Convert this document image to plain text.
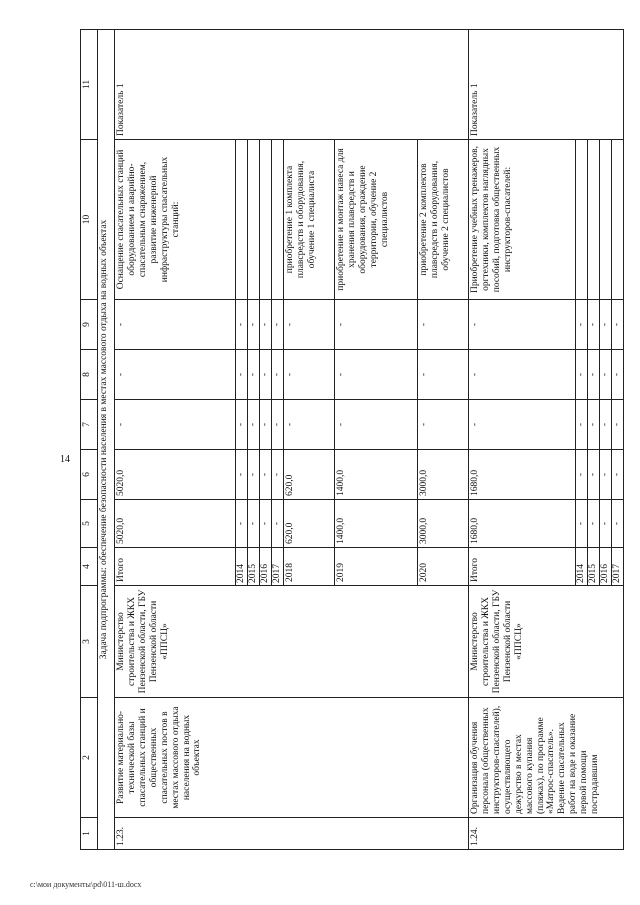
14
1	2	3	4	5	6	7	8	9	10	11
Задача подпрограммы: обеспечение безопасности населения в местах массового отдыха на водных объектах										
1.23.	Развитие материально-технической базы спасательных станций и общественных спасательных постов в местах массового отдыха населения на водных объектах	Министерство строительства и ЖКХ Пензенской области, ГБУ Пензенской области «ППСЦ»	Итого	5020,0	5020,0	-	-	-	Оснащение спасательных станций оборудованием и аварийно-спасательным снаряжением, развитие инженерной инфраструктуры спасательных станций:	Показатель 1
			2014	-	-	-	-	-		
			2015	-	-	-	-	-		
			2016	-	-	-	-	-		
			2017	-	-	-	-	-		
			2018	620,0	620,0	-	-	-	приобретение 1 комплекта плавсредств и оборудования, обучение 1 специалиста	
			2019	1400,0	1400,0	-	-	-	приобретение и монтаж навеса для хранения плавсредств и оборудования, ограждение территории, обучение 2 специалистов	
			2020	3000,0	3000,0	-	-	-	приобретение 2 комплектов плавсредств и оборудования, обучение 2 специалистов	
1.24.	Организация обучения персонала (общественных инструкторов-спасателей), осуществляющего дежурство в местах массового купания (пляжах), по программе «Матрос-спасатель». Ведение спасательных работ на воде и оказание первой помощи пострадавшим	Министерство строительства и ЖКХ Пензенской области, ГБУ Пензенской области «ППСЦ»	Итого	1680,0	1680,0	-	-	-	Приобретение учебных тренажеров, оргтехники, комплектов наглядных пособий, подготовка общественных инструкторов-спасателей:	Показатель 1
			2014	-	-	-	-	-		
			2015	-	-	-	-	-		
			2016	-	-	-	-	-		
			2017	-	-	-	-	-		
c:\мои документы\pd\011-ш.docx
